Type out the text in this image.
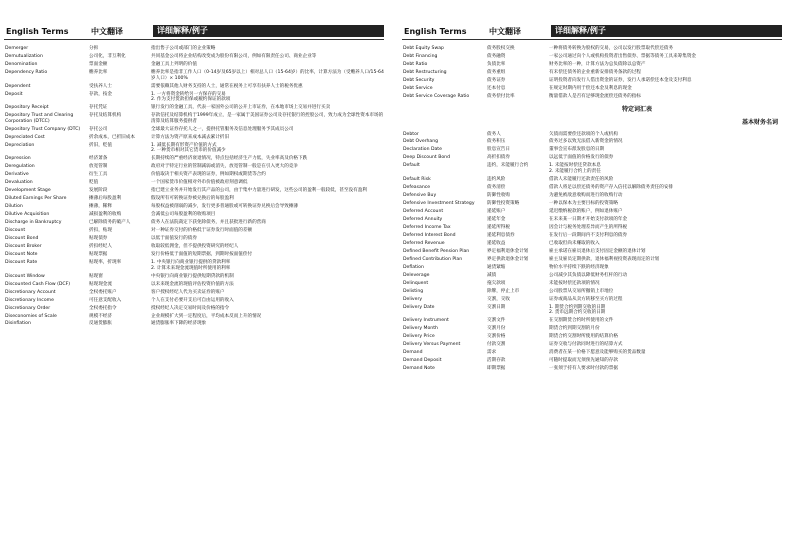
English Terms	中文翻译	详细解释/例子
Demerger	分拆	指出售子公司或部门的企业策略
Demutualization	公司化，非互利化	共同基金公司将企业结构改变成为股份有限公司，例如有限责任公司、商业企业等
Denomination	票面金额	金融工具上列明的价值
Dependency Ratio	赡养比率	赡养比率是指非工作人口（0-14岁及65岁以上）相对总人口（15-64岁）的比率，计算方法为（受赡养人口/15-64岁人口）× 100%
Dependent	受扶养人士	需要依赖其他人财务支持的人士，通常在税务上可享有扶养人士的税务优惠
Deposit	存款，按金	1. 一方将资金转给另一方保存的交易
2. 作为支付货款担保或履约保证的款项
Depository Receipt	存托凭证	银行发行的金融工具，代表一家国外公司的公开上市证券，在本地市场上交易并进行买卖
Depository Trust and Clearing Corporation (DTCC)
存托及结算机构	存款信托及结算机构于1999年成立，是一家属于美国证券公司及存托银行的控股公司，致力成为全球性资本市场的清算及结算服务提供者
Depository Trust Company (DTC)	存托公司	全球最大证券存托人之一，提供托管服务及信息处理服务予其成员公司
Depreciated Cost	折余成本，已折旧成本	计算方法为资产原来成本减去累计折旧
Depreciation	折旧，贬值	1. 减低长期有形资产价值的方式
2. 一种货币相对其它货币的价值减少
Depression	经济萧条	长期持续的严重经济衰退情况，特点包括经济生产力低，失业率高及价格下跌
Deregulation	放宽管制	政府对于特定行业的管制减弱或消失，放宽管制一般是在引入更大的竞争
Derivative	衍生工具	价值取决于相关资产表现的证券，例如期权或期货等合约
Devaluation	贬值	一个国家货币价值相对外币价值被政府刻意调低
Development Stage	发展阶段	指已建立业务并开始发行其产品的公司，由于集中力量进行研发，这些公司的盈利一般较低，甚至没有盈利
Diluted Earnings Per Share	摊薄后每股盈利	假设所有可转换证券被兑换后的每股盈利
Dilution	摊薄，稀释	每股权益被削弱的减少，发行更多普通股或可转换证券兑换后会导致摊薄
Dilutive Acquisition	减损盈利的收购	会减低公司每股盈利的收购项目
Discharge in Bankruptcy	已解除债务的破产人	债务人在法院裁定下获免除债务，并且获批进行新的营商
Discount	折扣，贴现	对一种证券交付的价格低于证券发行时面值的差额
Discount Bond	贴现债券	以低于面值发行的债券
Discount Broker	折扣经纪人	收取较低佣金，但不提供投资研究的经纪人
Discount Note	贴现票据	发行价格低于面值的短期票据，到期时按面值偿付
Discount Rate	贴现率，折现率	1. 中央银行向商业银行提供的贷款利率
2. 计算未来现金流现值时所使用的利率
Discount Window	贴现窗	中央银行向商业银行提供短期贷款的机制
Discounted Cash Flow (DCF)	贴现现金流	以未来现金流的现值评估投资价值的方法
Discretionary Account	全权委托账户	客户授权经纪人代为买卖证券的账户
Discretionary Income	可任意支配收入	个人在支付必要开支后可自由运用的收入
Discretionary Order	全权委托指令	授权经纪人决定交易时间及价格的指令
Diseconomies of Scale	规模不经济	企业规模扩大到一定程度后，平均成本反而上升的情况
Disinflation	反通货膨胀	通货膨胀率下降的经济现象
English Terms	中文翻译	详细解释/例子
Debt Equity Swap	债务股权交换	一种将债务转换为股权的交易，公司以发行股票取代偿还债务
Debt Financing	债务融资	一家公司通过向个人或机构投资者出售债券、票据等债务工具来筹集资金
Debt Ratio	负债比率	财务比率的一种，计算方法为总负债除以总资产
Debt Restructuring	债务重组	有未偿还债务的企业重新安排债务条款的过程
Debt Security	债务证券	证明投资者向发行人借出资金的证券，发行人承诺偿还本金及支付利息
Debt Service	还本付息	在规定时期内用于偿还本金及利息的现金
Debt Service Coverage Ratio	债务偿付比率	衡量借款人是否有足够现金流偿还债务的指标
特定词汇表
基本财务名词
Debtor	债务人	欠债而需要偿还款项的个人或机构
Debt Overhang	债务积压	债务过多以致无法借入新资金的情况
Declaration Date	股息宣告日	董事会宣布派发股息的日期
Deep Discount Bond	高折扣债券	以远低于面值的价格发行的债券
Default	违约，未能履行合约	1. 未能按时偿还贷款本息
2. 未能履行合约上的责任
Default Risk	违约风险	借款人未能履行还款责任的风险
Defeasance	债务清偿	借款人将足以偿还债务的资产存入信托以解除债务责任的安排
Defensive Buy	防御性收购	为避免被敌意收购而进行的收购行动
Defensive Investment Strategy	防御性投资策略	一种以保本为主要目标的投资策略
Deferred Account	递延账户	延迟缴纳税款的账户，例如退休账户
Deferred Annuity	递延年金	在未来某一日期才开始支付款项的年金
Deferred Income Tax	递延所得税	因会计与税务处理差异而产生的所得税
Deferred Interest Bond	递延利息债券	在发行后一段期间内不支付利息的债券
Deferred Revenue	递延收益	已收取但尚未赚取的收入
Defined Benefit Pension Plan	界定福利退休金计划	雇主承诺在雇员退休后支付固定金额的退休计划
Defined Contribution Plan	界定供款退休金计划	雇主及雇员定期供款，退休福利视投资表现而定的计划
Deflation	通货紧缩	物价水平持续下跌的经济现象
Deleverage	减债	公司减少其负债以降低财务杠杆的行动
Delinquent	拖欠款项	未能按时偿还款项的情况
Delisting	除牌，停止上市	公司股票从交易所撤销上市地位
Delivery	交割，交收	证券或商品从卖方转移至买方的过程
Delivery Date	交割日期	1. 期货合约到期交收的日期
2. 货币远期合约交收的日期
Delivery Instrument	交割文件	在交割期货合约时所使用的文件
Delivery Month	交割月份	期货合约到期交割的月份
Delivery Price	交割价格	期货合约交割时所使用的结算价格
Delivery Versus Payment	付款交割	证券交收与付款同时进行的结算方式
Demand	需求	消费者在某一价格下愿意及能够购买的货品数量
Demand Deposit	活期存款	可随时提取而无须预先通知的存款
Demand Note	即期票据	一张须于持有人要求时付款的票据
